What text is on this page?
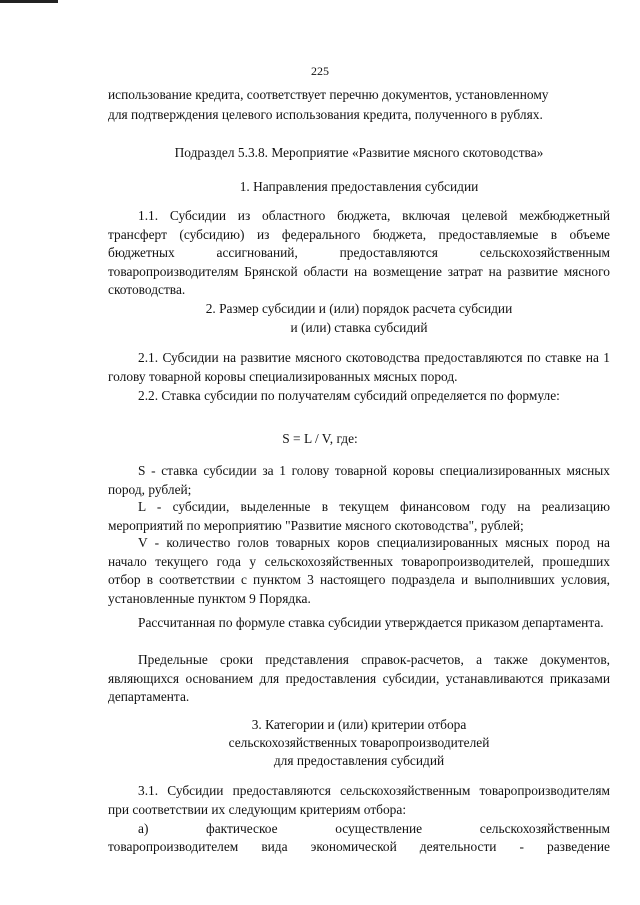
225
использование кредита, соответствует перечню документов, установленному
для подтверждения целевого использования кредита, полученного в рублях.
Подраздел 5.3.8. Мероприятие «Развитие мясного скотоводства»
1. Направления предоставления субсидии
1.1. Субсидии из областного бюджета, включая целевой межбюджетный трансферт (субсидию) из федерального бюджета, предоставляемые в объеме бюджетных ассигнований, предоставляются сельскохозяйственным товаропроизводителям Брянской области на возмещение затрат на развитие мясного скотоводства.
2. Размер субсидии и (или) порядок расчета субсидии
и (или) ставка субсидий
2.1. Субсидии на развитие мясного скотоводства предоставляются по ставке на 1 голову товарной коровы специализированных мясных пород.
2.2. Ставка субсидии по получателям субсидий определяется по формуле:
S = L / V, где:
S - ставка субсидии за 1 голову товарной коровы специализированных мясных пород, рублей;
L - субсидии, выделенные в текущем финансовом году на реализацию мероприятий по мероприятию "Развитие мясного скотоводства", рублей;
V - количество голов товарных коров специализированных мясных пород на начало текущего года у сельскохозяйственных товаропроизводителей, прошедших отбор в соответствии с пунктом 3 настоящего подраздела и выполнивших условия, установленные пунктом 9 Порядка.
Рассчитанная по формуле ставка субсидии утверждается приказом департамента.
Предельные сроки представления справок-расчетов, а также документов, являющихся основанием для предоставления субсидии, устанавливаются приказами департамента.
3. Категории и (или) критерии отбора
сельскохозяйственных товаропроизводителей
для предоставления субсидий
3.1. Субсидии предоставляются сельскохозяйственным товаропроизводителям при соответствии их следующим критериям отбора:
а) фактическое осуществление сельскохозяйственным
товаропроизводителем вида экономической деятельности - разведение
